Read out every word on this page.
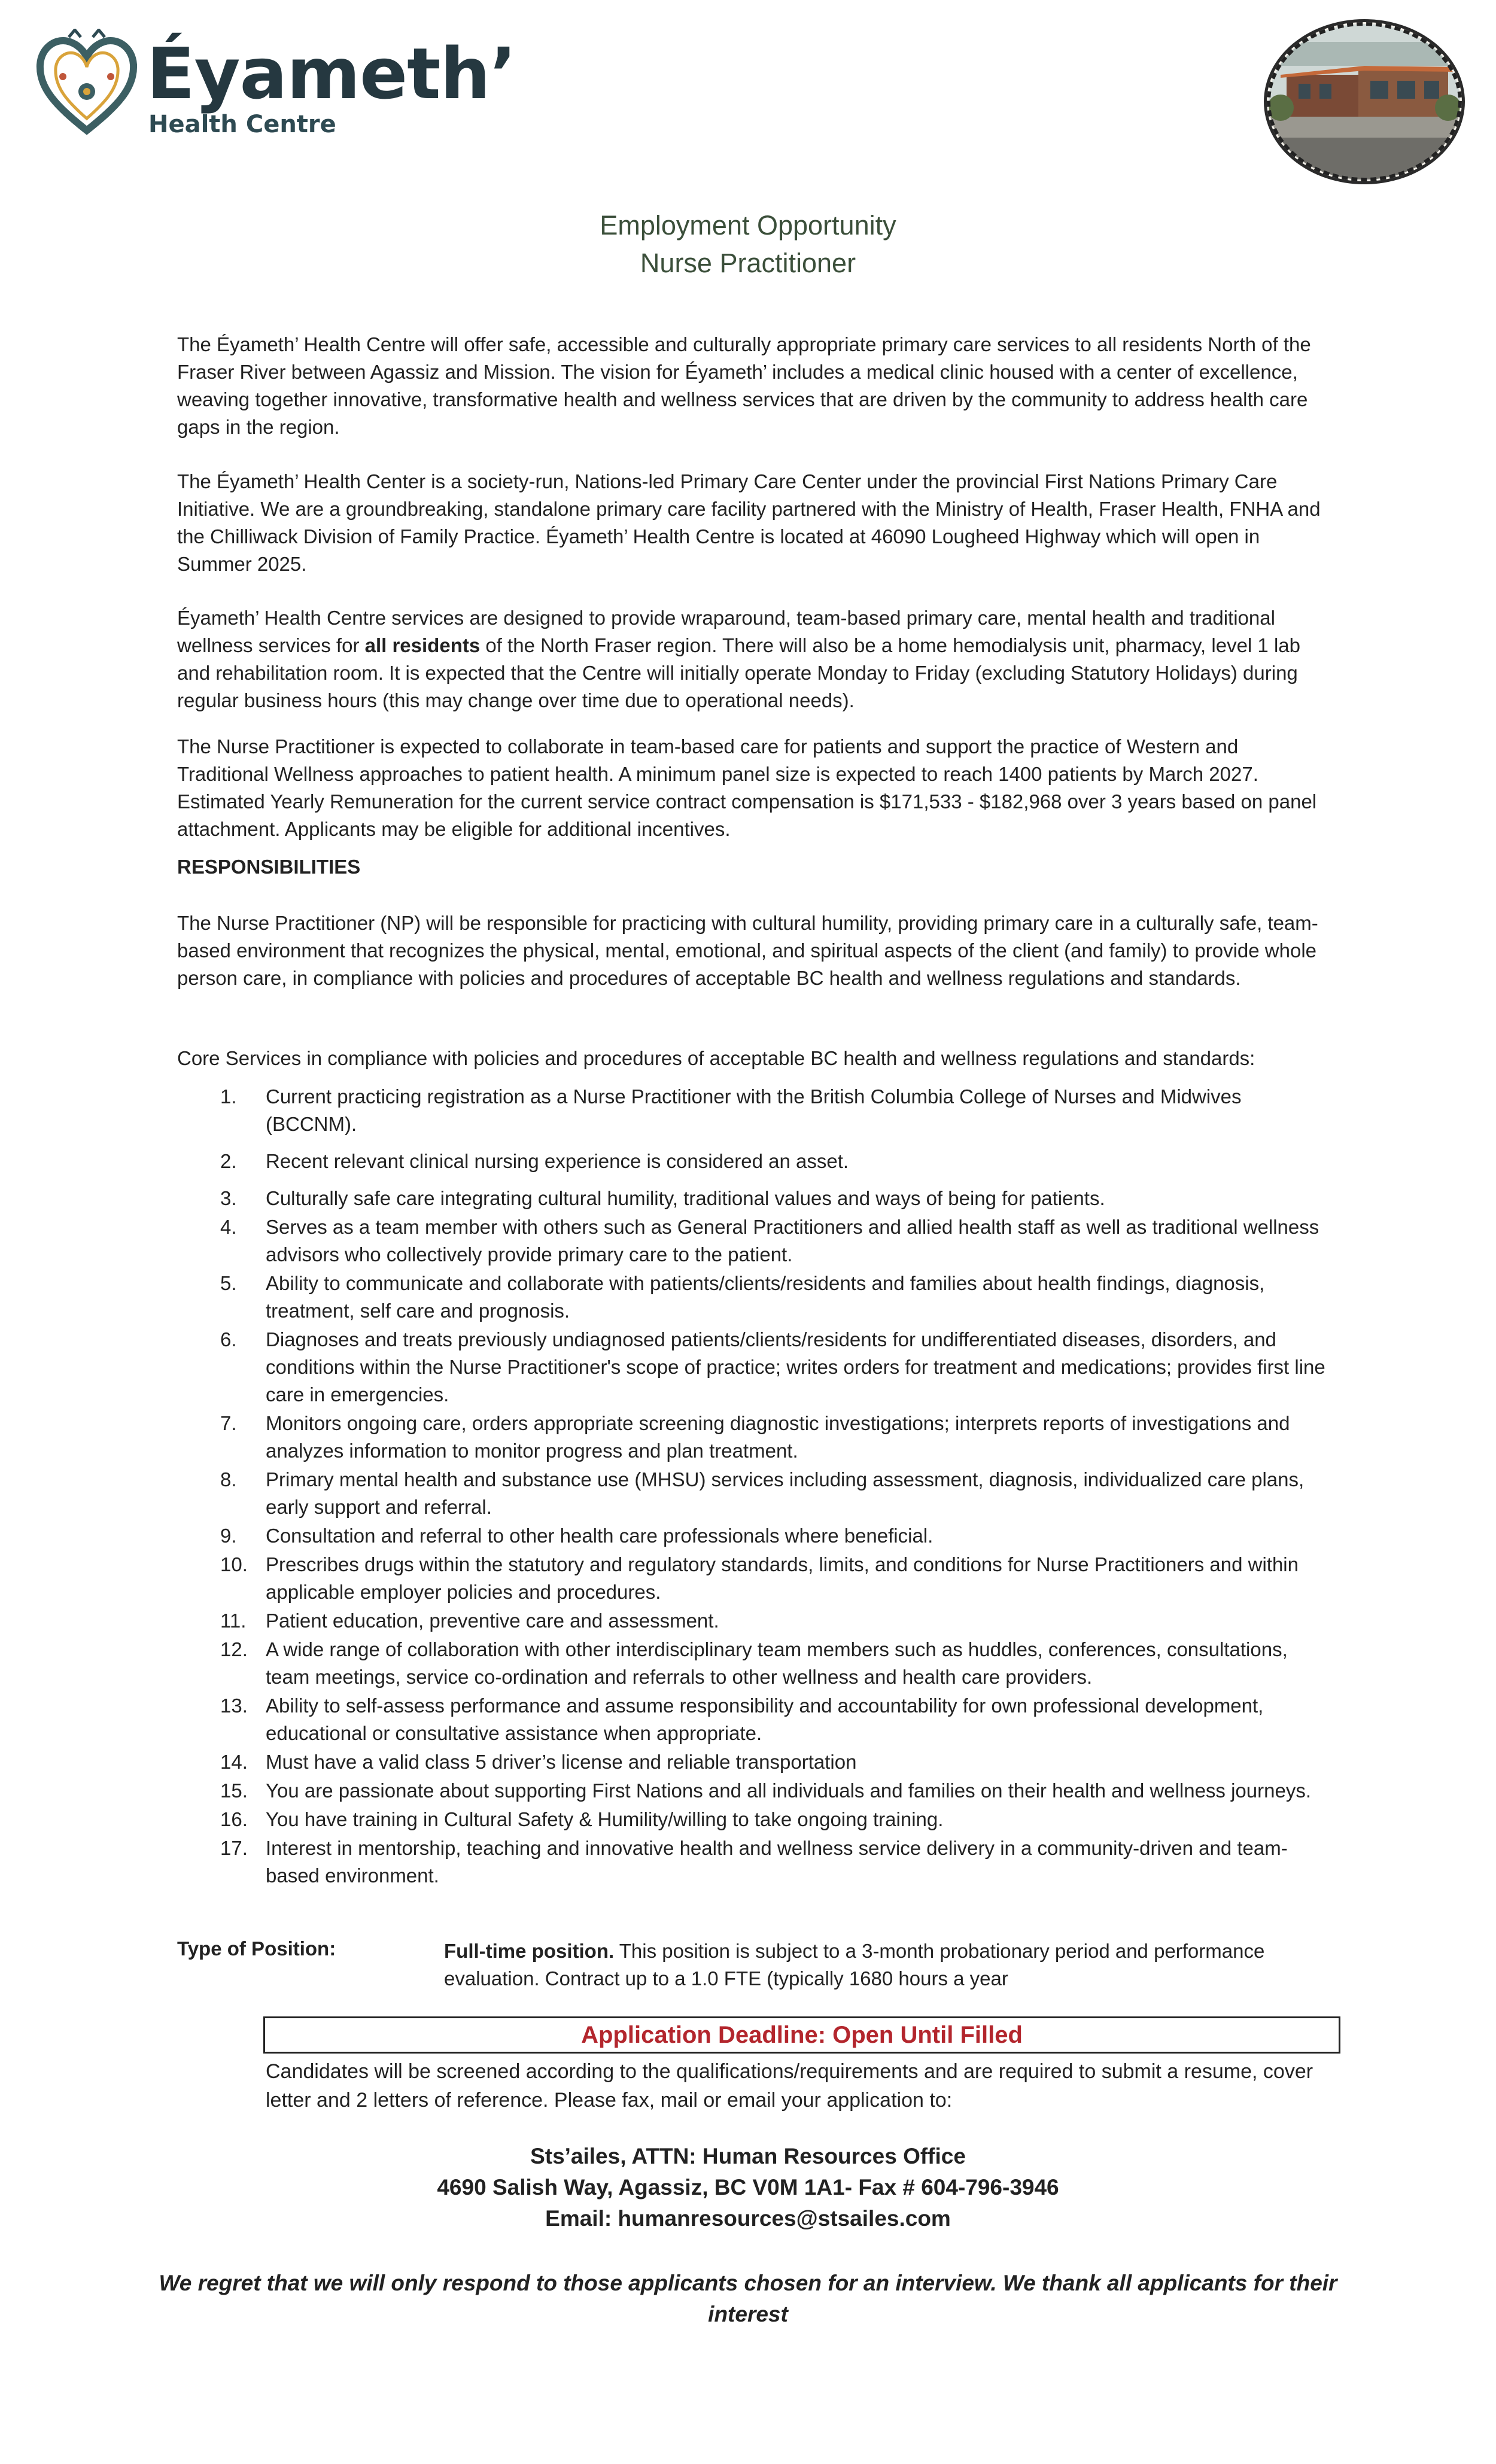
Éyameth’
Health Centre
Employment Opportunity
Nurse Practitioner

The Éyameth’ Health Centre will offer safe, accessible and culturally appropriate primary care services to all residents North of the Fraser River between Agassiz and Mission. The vision for Éyameth’ includes a medical clinic housed with a center of excellence, weaving together innovative, transformative health and wellness services that are driven by the community to address health care gaps in the region.

The Éyameth’ Health Center is a society-run, Nations-led Primary Care Center under the provincial First Nations Primary Care Initiative. We are a groundbreaking, standalone primary care facility partnered with the Ministry of Health, Fraser Health, FNHA and the Chilliwack Division of Family Practice. Éyameth’ Health Centre is located at 46090 Lougheed Highway which will open in Summer 2025.

Éyameth’ Health Centre services are designed to provide wraparound, team-based primary care, mental health and traditional wellness services for all residents of the North Fraser region. There will also be a home hemodialysis unit, pharmacy, level 1 lab and rehabilitation room. It is expected that the Centre will initially operate Monday to Friday (excluding Statutory Holidays) during regular business hours (this may change over time due to operational needs).

The Nurse Practitioner is expected to collaborate in team-based care for patients and support the practice of Western and Traditional Wellness approaches to patient health. A minimum panel size is expected to reach 1400 patients by March 2027. Estimated Yearly Remuneration for the current service contract compensation is $171,533 - $182,968 over 3 years based on panel attachment. Applicants may be eligible for additional incentives.

RESPONSIBILITIES

The Nurse Practitioner (NP) will be responsible for practicing with cultural humility, providing primary care in a culturally safe, team-based environment that recognizes the physical, mental, emotional, and spiritual aspects of the client (and family) to provide whole person care, in compliance with policies and procedures of acceptable BC health and wellness regulations and standards.

Core Services in compliance with policies and procedures of acceptable BC health and wellness regulations and standards:

1. Current practicing registration as a Nurse Practitioner with the British Columbia College of Nurses and Midwives (BCCNM).
2. Recent relevant clinical nursing experience is considered an asset.
3. Culturally safe care integrating cultural humility, traditional values and ways of being for patients.
4. Serves as a team member with others such as General Practitioners and allied health staff as well as traditional wellness advisors who collectively provide primary care to the patient.
5. Ability to communicate and collaborate with patients/clients/residents and families about health findings, diagnosis, treatment, self care and prognosis.
6. Diagnoses and treats previously undiagnosed patients/clients/residents for undifferentiated diseases, disorders, and conditions within the Nurse Practitioner's scope of practice; writes orders for treatment and medications; provides first line care in emergencies.
7. Monitors ongoing care, orders appropriate screening diagnostic investigations; interprets reports of investigations and analyzes information to monitor progress and plan treatment.
8. Primary mental health and substance use (MHSU) services including assessment, diagnosis, individualized care plans, early support and referral.
9. Consultation and referral to other health care professionals where beneficial.
10. Prescribes drugs within the statutory and regulatory standards, limits, and conditions for Nurse Practitioners and within applicable employer policies and procedures.
11. Patient education, preventive care and assessment.
12. A wide range of collaboration with other interdisciplinary team members such as huddles, conferences, consultations, team meetings, service co-ordination and referrals to other wellness and health care providers.
13. Ability to self-assess performance and assume responsibility and accountability for own professional development, educational or consultative assistance when appropriate.
14. Must have a valid class 5 driver’s license and reliable transportation
15. You are passionate about supporting First Nations and all individuals and families on their health and wellness journeys.
16. You have training in Cultural Safety & Humility/willing to take ongoing training.
17. Interest in mentorship, teaching and innovative health and wellness service delivery in a community-driven and team-based environment.
Type of Position:	Full-time position. This position is subject to a 3-month probationary period and performance evaluation. Contract up to a 1.0 FTE (typically 1680 hours a year
Application Deadline: Open Until Filled

Candidates will be screened according to the qualifications/requirements and are required to submit a resume, cover letter and 2 letters of reference. Please fax, mail or email your application to:

Sts’ailes, ATTN: Human Resources Office
4690 Salish Way, Agassiz, BC V0M 1A1- Fax # 604-796-3946
Email: humanresources@stsailes.com

We regret that we will only respond to those applicants chosen for an interview. We thank all applicants for their interest
